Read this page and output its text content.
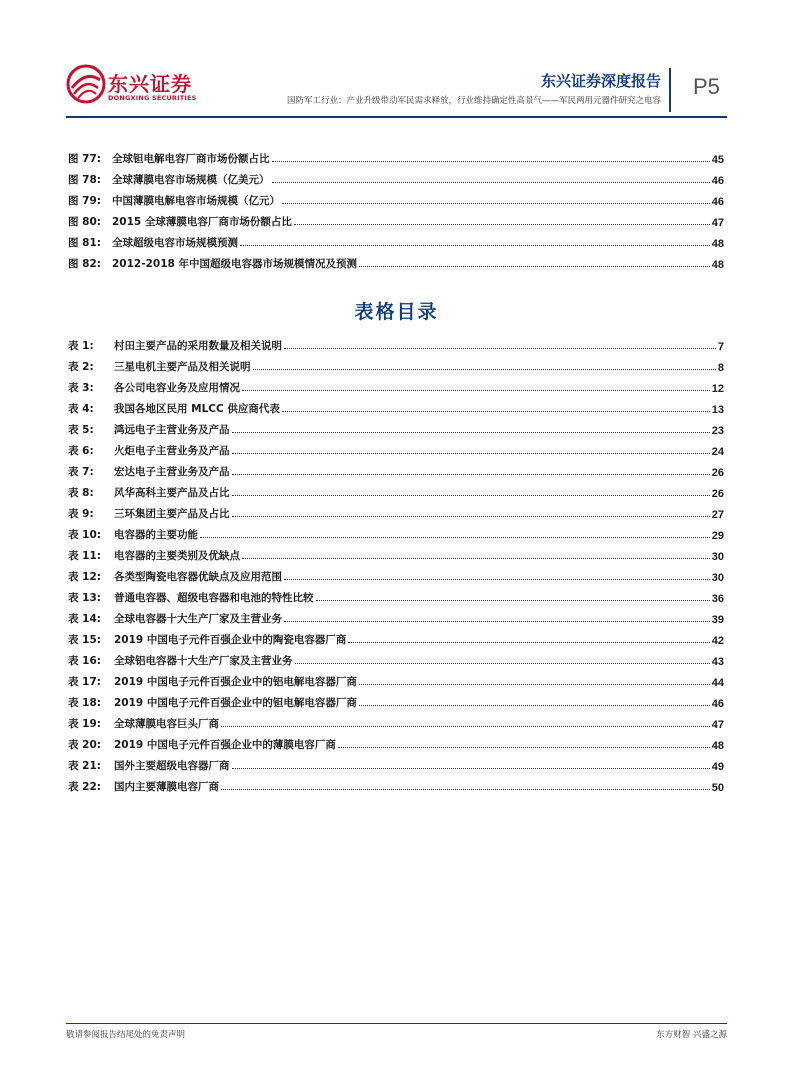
东兴证券
DONGXING SECURITIES
东兴证券深度报告
国防军工行业：产业升级带动军民需求释放，行业维持确定性高景气——军民两用元器件研究之电容
P5
图 77:	全球钽电解电容厂商市场份额占比	45
图 78:	全球薄膜电容市场规模（亿美元）	46
图 79:	中国薄膜电解电容市场规模（亿元）	46
图 80:	2015 全球薄膜电容厂商市场份额占比	47
图 81:	全球超级电容市场规模预测	48
图 82:	2012-2018 年中国超级电容器市场规模情况及预测	48
表格目录
表 1:	村田主要产品的采用数量及相关说明	7
表 2:	三星电机主要产品及相关说明	8
表 3:	各公司电容业务及应用情况	12
表 4:	我国各地区民用 MLCC 供应商代表	13
表 5:	鸿远电子主营业务及产品	23
表 6:	火炬电子主营业务及产品	24
表 7:	宏达电子主营业务及产品	26
表 8:	风华高科主要产品及占比	26
表 9:	三环集团主要产品及占比	27
表 10:	电容器的主要功能	29
表 11:	电容器的主要类别及优缺点	30
表 12:	各类型陶瓷电容器优缺点及应用范围	30
表 13:	普通电容器、超级电容器和电池的特性比较	36
表 14:	全球电容器十大生产厂家及主营业务	39
表 15:	2019 中国电子元件百强企业中的陶瓷电容器厂商	42
表 16:	全球铝电容器十大生产厂家及主营业务	43
表 17:	2019 中国电子元件百强企业中的铝电解电容器厂商	44
表 18:	2019 中国电子元件百强企业中的钽电解电容器厂商	46
表 19:	全球薄膜电容巨头厂商	47
表 20:	2019 中国电子元件百强企业中的薄膜电容厂商	48
表 21:	国外主要超级电容器厂商	49
表 22:	国内主要薄膜电容厂商	50
敬请参阅报告结尾处的免责声明	东方财智 兴盛之源
